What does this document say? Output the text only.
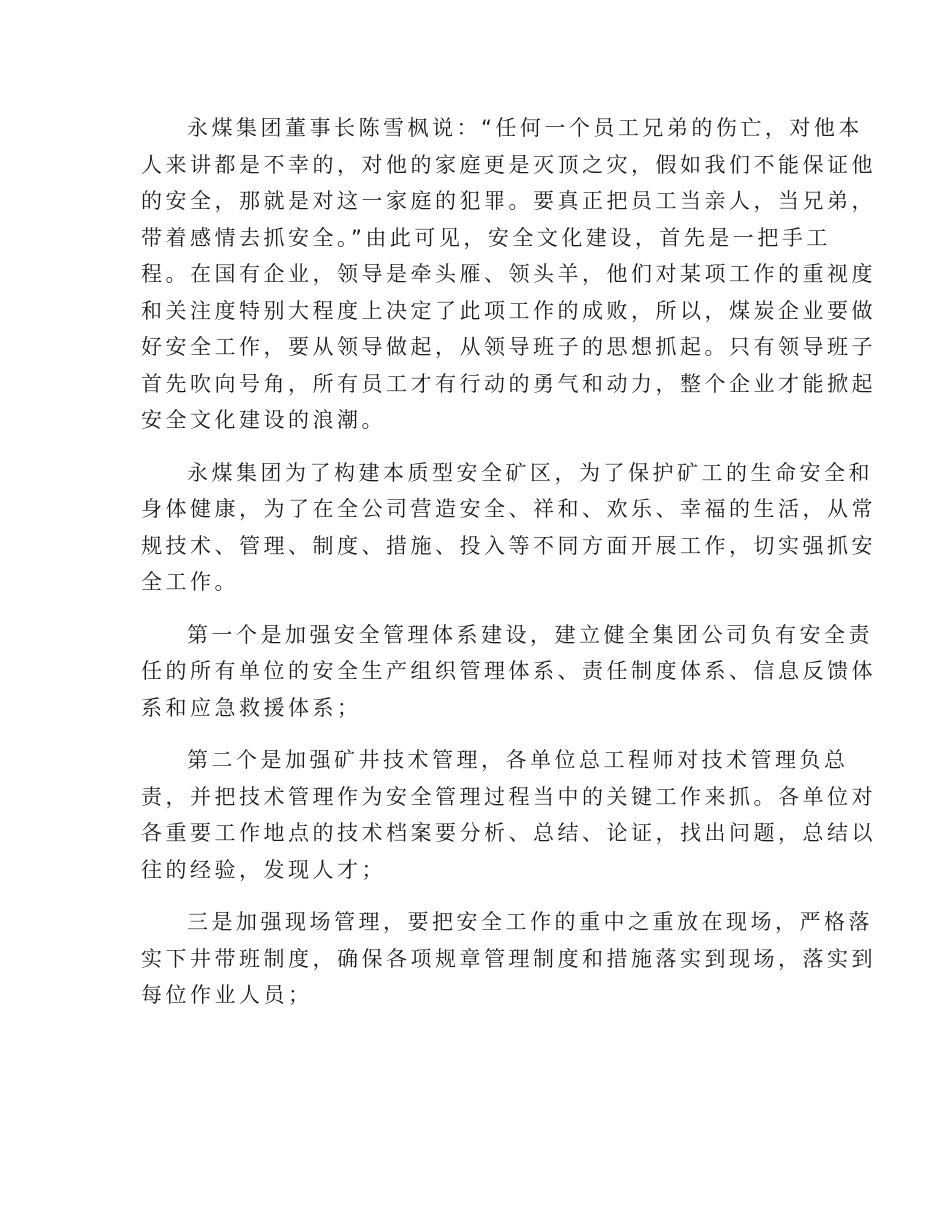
永煤集团董事长陈雪枫说：“任何一个员工兄弟的伤亡，对他本
人来讲都是不幸的，对他的家庭更是灭顶之灾，假如我们不能保证他
的安全，那就是对这一家庭的犯罪。要真正把员工当亲人，当兄弟，
带着感情去抓安全。”由此可见，安全文化建设，首先是一把手工
程。在国有企业，领导是牵头雁、领头羊，他们对某项工作的重视度
和关注度特别大程度上决定了此项工作的成败，所以，煤炭企业要做
好安全工作，要从领导做起，从领导班子的思想抓起。只有领导班子
首先吹向号角，所有员工才有行动的勇气和动力，整个企业才能掀起
安全文化建设的浪潮。

永煤集团为了构建本质型安全矿区，为了保护矿工的生命安全和
身体健康，为了在全公司营造安全、祥和、欢乐、幸福的生活，从常
规技术、管理、制度、措施、投入等不同方面开展工作，切实强抓安
全工作。

第一个是加强安全管理体系建设，建立健全集团公司负有安全责
任的所有单位的安全生产组织管理体系、责任制度体系、信息反馈体
系和应急救援体系；

第二个是加强矿井技术管理，各单位总工程师对技术管理负总
责，并把技术管理作为安全管理过程当中的关键工作来抓。各单位对
各重要工作地点的技术档案要分析、总结、论证，找出问题，总结以
往的经验，发现人才；

三是加强现场管理，要把安全工作的重中之重放在现场，严格落
实下井带班制度，确保各项规章管理制度和措施落实到现场，落实到
每位作业人员；
